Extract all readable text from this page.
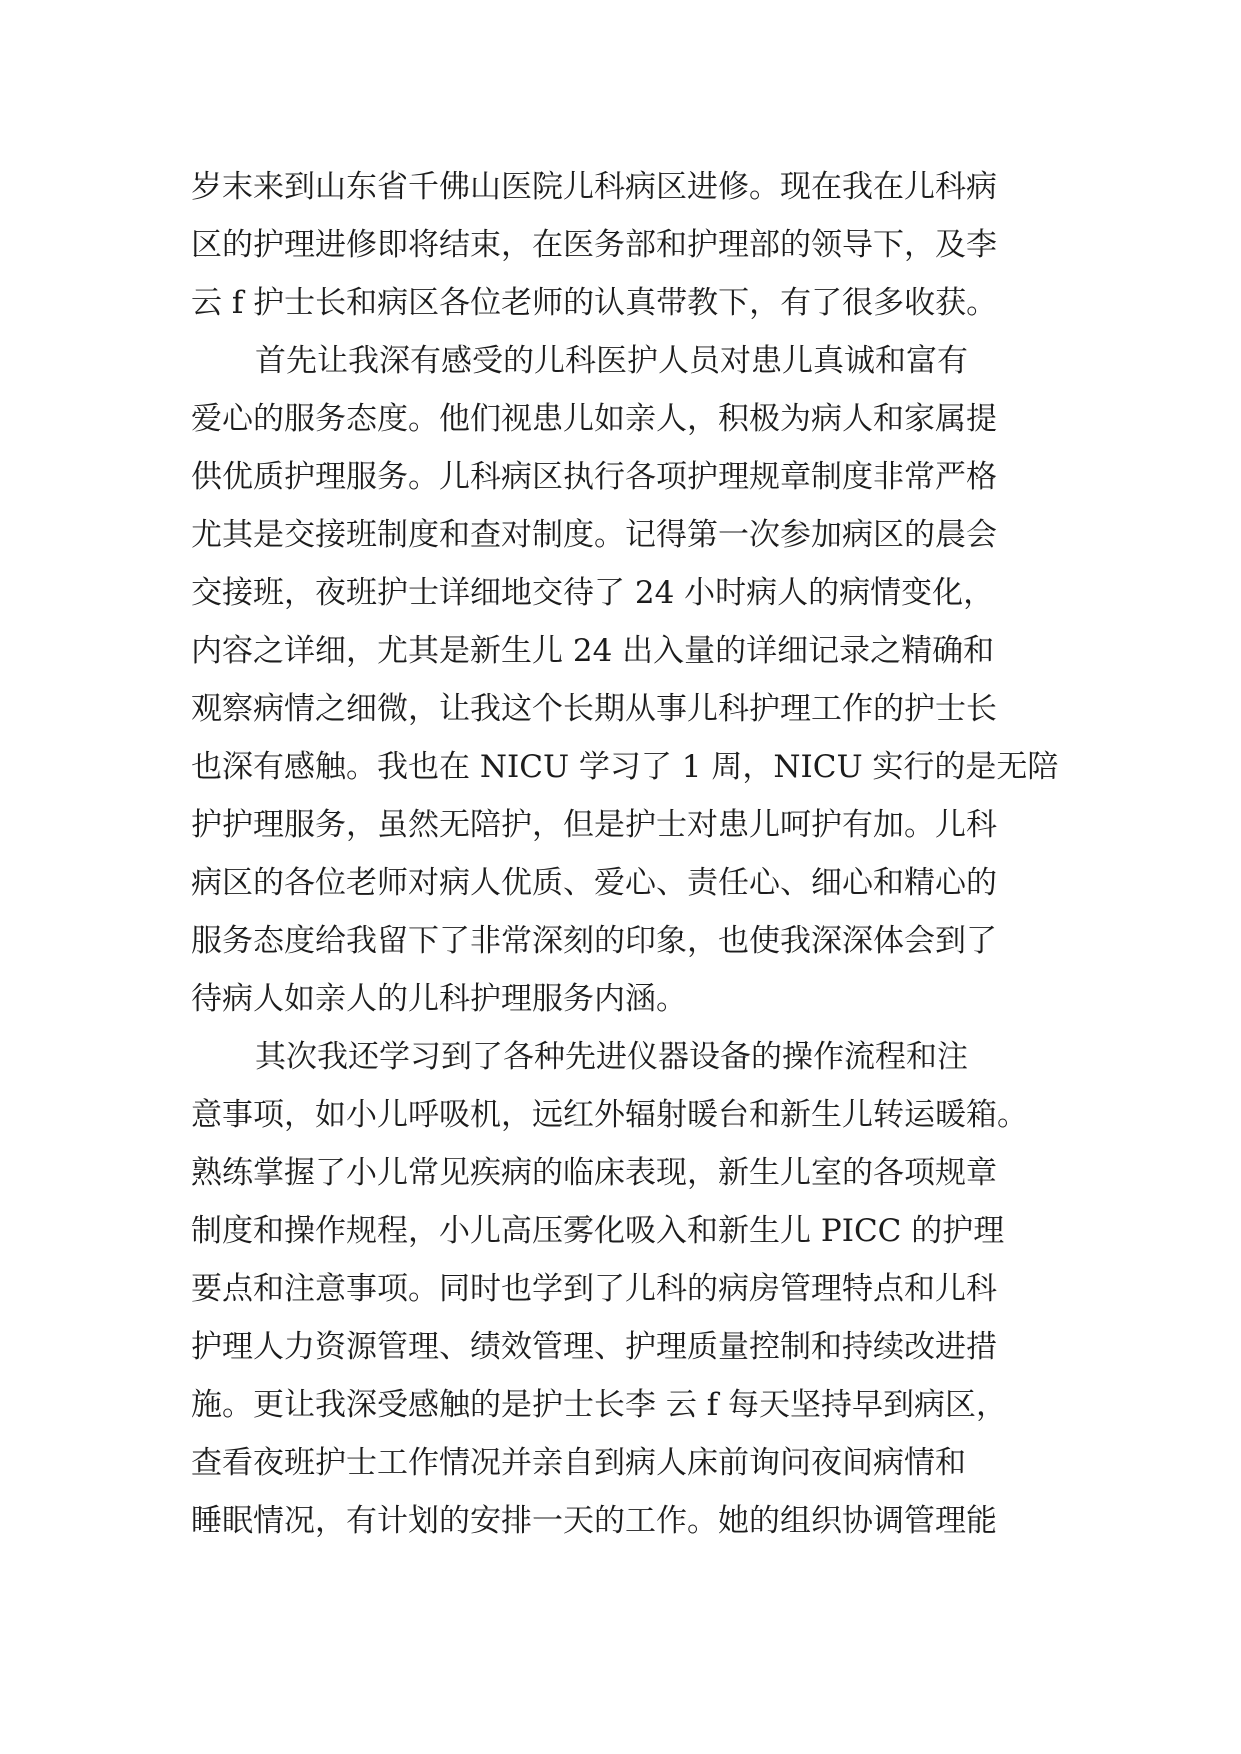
岁末来到山东省千佛山医院儿科病区进修。现在我在儿科病
区的护理进修即将结束，在医务部和护理部的领导下，及李
云 f 护士长和病区各位老师的认真带教下，有了很多收获。
首先让我深有感受的儿科医护人员对患儿真诚和富有
爱心的服务态度。他们视患儿如亲人，积极为病人和家属提
供优质护理服务。儿科病区执行各项护理规章制度非常严格
尤其是交接班制度和查对制度。记得第一次参加病区的晨会
交接班，夜班护士详细地交待了 24 小时病人的病情变化，
内容之详细，尤其是新生儿 24 出入量的详细记录之精确和
观察病情之细微，让我这个长期从事儿科护理工作的护士长
也深有感触。我也在 NICU 学习了 1 周，NICU 实行的是无陪
护护理服务，虽然无陪护，但是护士对患儿呵护有加。儿科
病区的各位老师对病人优质、爱心、责任心、细心和精心的
服务态度给我留下了非常深刻的印象，也使我深深体会到了
待病人如亲人的儿科护理服务内涵。
其次我还学习到了各种先进仪器设备的操作流程和注
意事项，如小儿呼吸机，远红外辐射暖台和新生儿转运暖箱。
熟练掌握了小儿常见疾病的临床表现，新生儿室的各项规章
制度和操作规程，小儿高压雾化吸入和新生儿 PICC 的护理
要点和注意事项。同时也学到了儿科的病房管理特点和儿科
护理人力资源管理、绩效管理、护理质量控制和持续改进措
施。更让我深受感触的是护士长李 云 f 每天坚持早到病区，
查看夜班护士工作情况并亲自到病人床前询问夜间病情和
睡眠情况，有计划的安排一天的工作。她的组织协调管理能
